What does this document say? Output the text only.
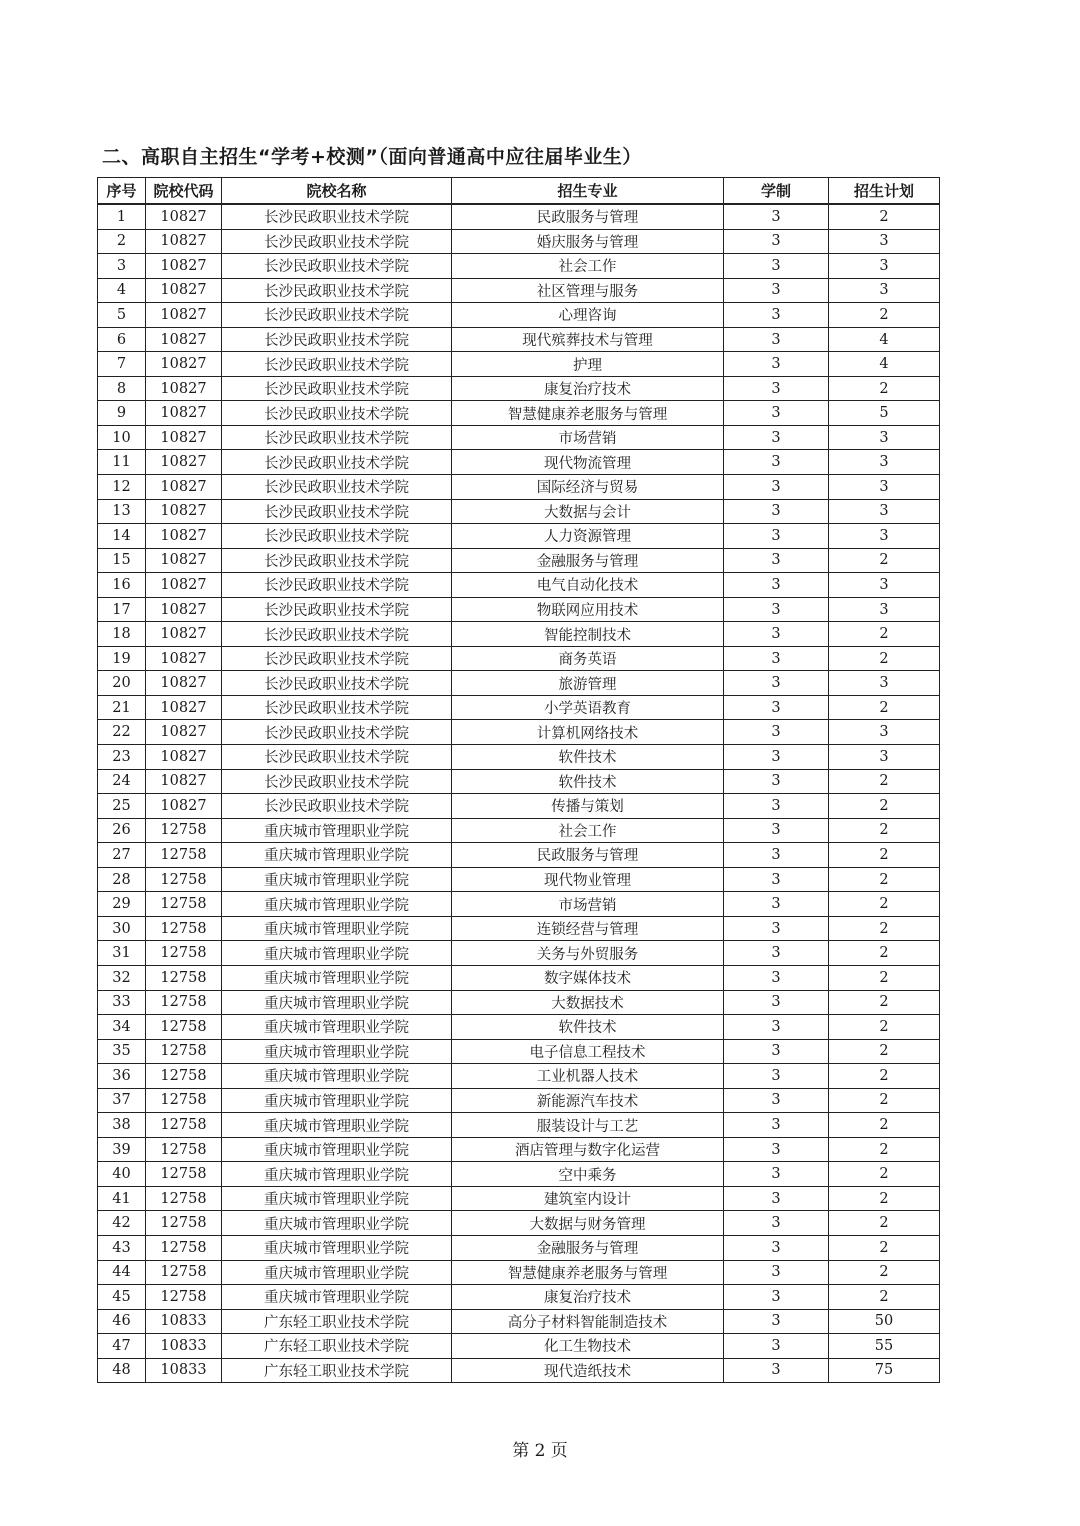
二、高职自主招生“学考+校测”（面向普通高中应往届毕业生）
序号	院校代码	院校名称	招生专业	学制	招生计划
1	10827	长沙民政职业技术学院	民政服务与管理	3	2
2	10827	长沙民政职业技术学院	婚庆服务与管理	3	3
3	10827	长沙民政职业技术学院	社会工作	3	3
4	10827	长沙民政职业技术学院	社区管理与服务	3	3
5	10827	长沙民政职业技术学院	心理咨询	3	2
6	10827	长沙民政职业技术学院	现代殡葬技术与管理	3	4
7	10827	长沙民政职业技术学院	护理	3	4
8	10827	长沙民政职业技术学院	康复治疗技术	3	2
9	10827	长沙民政职业技术学院	智慧健康养老服务与管理	3	5
10	10827	长沙民政职业技术学院	市场营销	3	3
11	10827	长沙民政职业技术学院	现代物流管理	3	3
12	10827	长沙民政职业技术学院	国际经济与贸易	3	3
13	10827	长沙民政职业技术学院	大数据与会计	3	3
14	10827	长沙民政职业技术学院	人力资源管理	3	3
15	10827	长沙民政职业技术学院	金融服务与管理	3	2
16	10827	长沙民政职业技术学院	电气自动化技术	3	3
17	10827	长沙民政职业技术学院	物联网应用技术	3	3
18	10827	长沙民政职业技术学院	智能控制技术	3	2
19	10827	长沙民政职业技术学院	商务英语	3	2
20	10827	长沙民政职业技术学院	旅游管理	3	3
21	10827	长沙民政职业技术学院	小学英语教育	3	2
22	10827	长沙民政职业技术学院	计算机网络技术	3	3
23	10827	长沙民政职业技术学院	软件技术	3	3
24	10827	长沙民政职业技术学院	软件技术	3	2
25	10827	长沙民政职业技术学院	传播与策划	3	2
26	12758	重庆城市管理职业学院	社会工作	3	2
27	12758	重庆城市管理职业学院	民政服务与管理	3	2
28	12758	重庆城市管理职业学院	现代物业管理	3	2
29	12758	重庆城市管理职业学院	市场营销	3	2
30	12758	重庆城市管理职业学院	连锁经营与管理	3	2
31	12758	重庆城市管理职业学院	关务与外贸服务	3	2
32	12758	重庆城市管理职业学院	数字媒体技术	3	2
33	12758	重庆城市管理职业学院	大数据技术	3	2
34	12758	重庆城市管理职业学院	软件技术	3	2
35	12758	重庆城市管理职业学院	电子信息工程技术	3	2
36	12758	重庆城市管理职业学院	工业机器人技术	3	2
37	12758	重庆城市管理职业学院	新能源汽车技术	3	2
38	12758	重庆城市管理职业学院	服装设计与工艺	3	2
39	12758	重庆城市管理职业学院	酒店管理与数字化运营	3	2
40	12758	重庆城市管理职业学院	空中乘务	3	2
41	12758	重庆城市管理职业学院	建筑室内设计	3	2
42	12758	重庆城市管理职业学院	大数据与财务管理	3	2
43	12758	重庆城市管理职业学院	金融服务与管理	3	2
44	12758	重庆城市管理职业学院	智慧健康养老服务与管理	3	2
45	12758	重庆城市管理职业学院	康复治疗技术	3	2
46	10833	广东轻工职业技术学院	高分子材料智能制造技术	3	50
47	10833	广东轻工职业技术学院	化工生物技术	3	55
48	10833	广东轻工职业技术学院	现代造纸技术	3	75
第 2 页
